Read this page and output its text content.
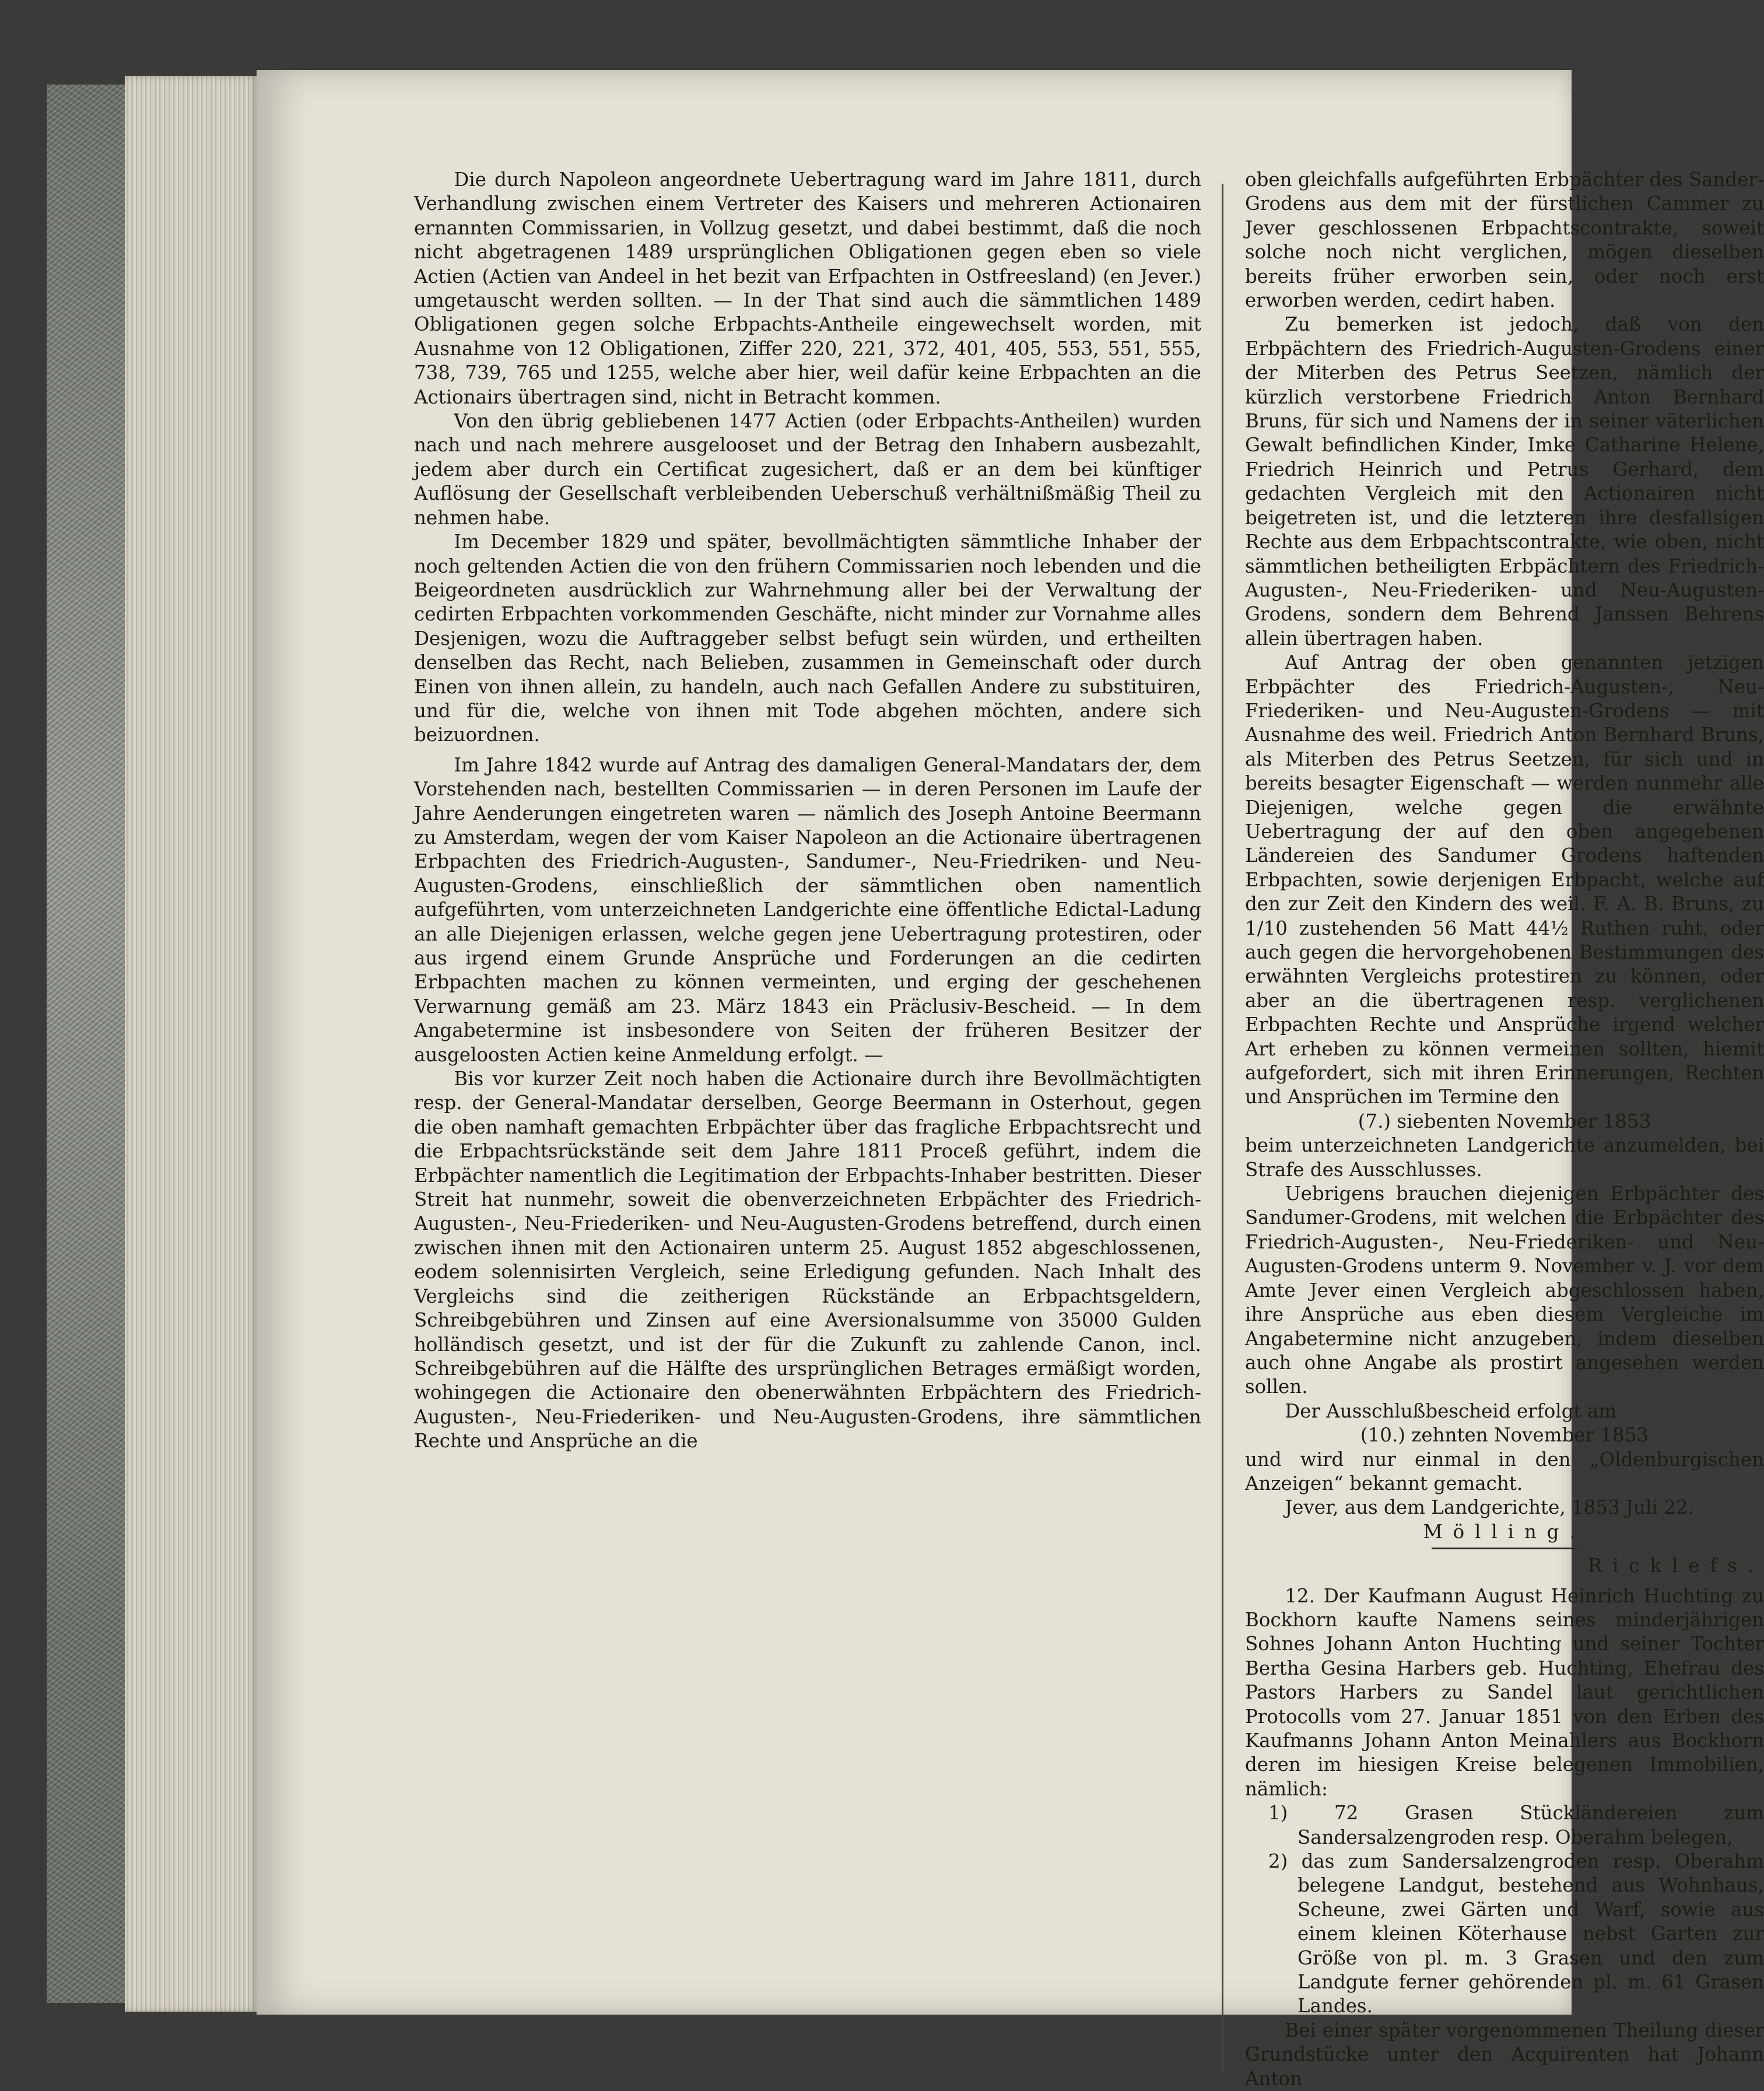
Die durch Napoleon angeordnete Uebertragung ward im Jahre 1811, durch Verhandlung zwischen einem Vertreter des Kaisers und mehreren Actionairen ernannten Commissarien, in Vollzug gesetzt, und dabei bestimmt, daß die noch nicht abgetragenen 1489 ursprünglichen Obligationen gegen eben so viele Actien (Actien van Andeel in het bezit van Erfpachten in Ostfreesland) (en Jever.) umgetauscht werden sollten. — In der That sind auch die sämmtlichen 1489 Obligationen gegen solche Erbpachts-Antheile eingewechselt worden, mit Ausnahme von 12 Obligationen, Ziffer 220, 221, 372, 401, 405, 553, 551, 555, 738, 739, 765 und 1255, welche aber hier, weil dafür keine Erbpachten an die Actionairs übertragen sind, nicht in Betracht kommen.

Von den übrig gebliebenen 1477 Actien (oder Erbpachts-Antheilen) wurden nach und nach mehrere ausgelooset und der Betrag den Inhabern ausbezahlt, jedem aber durch ein Certificat zugesichert, daß er an dem bei künftiger Auflösung der Gesellschaft verbleibenden Ueberschuß verhältnißmäßig Theil zu nehmen habe.

Im December 1829 und später, bevollmächtigten sämmtliche Inhaber der noch geltenden Actien die von den frühern Commissarien noch lebenden und die Beigeordneten ausdrücklich zur Wahrnehmung aller bei der Verwaltung der cedirten Erbpachten vorkommenden Geschäfte, nicht minder zur Vornahme alles Desjenigen, wozu die Auftraggeber selbst befugt sein würden, und ertheilten denselben das Recht, nach Belieben, zusammen in Gemeinschaft oder durch Einen von ihnen allein, zu handeln, auch nach Gefallen Andere zu substituiren, und für die, welche von ihnen mit Tode abgehen möchten, andere sich beizuordnen.

Im Jahre 1842 wurde auf Antrag des damaligen General-Mandatars der, dem Vorstehenden nach, bestellten Commissarien — in deren Personen im Laufe der Jahre Aenderungen eingetreten waren — nämlich des Joseph Antoine Beermann zu Amsterdam, wegen der vom Kaiser Napoleon an die Actionaire übertragenen Erbpachten des Friedrich-Augusten-, Sandumer-, Neu-Friedriken- und Neu-Augusten-Grodens, einschließlich der sämmtlichen oben namentlich aufgeführten, vom unterzeichneten Landgerichte eine öffentliche Edictal-Ladung an alle Diejenigen erlassen, welche gegen jene Uebertragung protestiren, oder aus irgend einem Grunde Ansprüche und Forderungen an die cedirten Erbpachten machen zu können vermeinten, und erging der geschehenen Verwarnung gemäß am 23. März 1843 ein Präclusiv-Bescheid. — In dem Angabetermine ist insbesondere von Seiten der früheren Besitzer der ausgeloosten Actien keine Anmeldung erfolgt. —

Bis vor kurzer Zeit noch haben die Actionaire durch ihre Bevollmächtigten resp. der General-Mandatar derselben, George Beermann in Osterhout, gegen die oben namhaft gemachten Erbpächter über das fragliche Erbpachtsrecht und die Erbpachtsrückstände seit dem Jahre 1811 Proceß geführt, indem die Erbpächter namentlich die Legitimation der Erbpachts-Inhaber bestritten. Dieser Streit hat nunmehr, soweit die obenverzeichneten Erbpächter des Friedrich-Augusten-, Neu-Friederiken- und Neu-Augusten-Grodens betreffend, durch einen zwischen ihnen mit den Actionairen unterm 25. August 1852 abgeschlossenen, eodem solennisirten Vergleich, seine Erledigung gefunden. Nach Inhalt des Vergleichs sind die zeitherigen Rückstände an Erbpachtsgeldern, Schreibgebühren und Zinsen auf eine Aversionalsumme von 35000 Gulden holländisch gesetzt, und ist der für die Zukunft zu zahlende Canon, incl. Schreibgebühren auf die Hälfte des ursprünglichen Betrages ermäßigt worden, wohingegen die Actionaire den obenerwähnten Erbpächtern des Friedrich-Augusten-, Neu-Friederiken- und Neu-Augusten-Grodens, ihre sämmtlichen Rechte und Ansprüche an die

oben gleichfalls aufgeführten Erbpächter des Sander-Grodens aus dem mit der fürstlichen Cammer zu Jever geschlossenen Erbpachtscontrakte, soweit solche noch nicht verglichen, mögen dieselben bereits früher erworben sein, oder noch erst erworben werden, cedirt haben.

Zu bemerken ist jedoch, daß von den Erbpächtern des Friedrich-Augusten-Grodens einer der Miterben des Petrus Seetzen, nämlich der kürzlich verstorbene Friedrich Anton Bernhard Bruns, für sich und Namens der in seiner väterlichen Gewalt befindlichen Kinder, Imke Catharine Helene, Friedrich Heinrich und Petrus Gerhard, dem gedachten Vergleich mit den Actionairen nicht beigetreten ist, und die letzteren ihre desfallsigen Rechte aus dem Erbpachtscontrakte, wie oben, nicht sämmtlichen betheiligten Erbpächtern des Friedrich-Augusten-, Neu-Friederiken- und Neu-Augusten-Grodens, sondern dem Behrend Janssen Behrens allein übertragen haben.

Auf Antrag der oben genannten jetzigen Erbpächter des Friedrich-Augusten-, Neu-Friederiken- und Neu-Augusten-Grodens — mit Ausnahme des weil. Friedrich Anton Bernhard Bruns, als Miterben des Petrus Seetzen, für sich und in bereits besagter Eigenschaft — werden nunmehr alle Diejenigen, welche gegen die erwähnte Uebertragung der auf den oben angegebenen Ländereien des Sandumer Grodens haftenden Erbpachten, sowie derjenigen Erbpacht, welche auf den zur Zeit den Kindern des weil. F. A. B. Bruns, zu 1/10 zustehenden 56 Matt 44½ Ruthen ruht, oder auch gegen die hervorgehobenen Bestimmungen des erwähnten Vergleichs protestiren zu können, oder aber an die übertragenen resp. verglichenen Erbpachten Rechte und Ansprüche irgend welcher Art erheben zu können vermeinen sollten, hiemit aufgefordert, sich mit ihren Erinnerungen, Rechten und Ansprüchen im Termine den

(7.) siebenten November 1853

beim unterzeichneten Landgerichte anzumelden, bei Strafe des Ausschlusses.

Uebrigens brauchen diejenigen Erbpächter des Sandumer-Grodens, mit welchen die Erbpächter des Friedrich-Augusten-, Neu-Friederiken- und Neu-Augusten-Grodens unterm 9. November v. J. vor dem Amte Jever einen Vergleich abgeschlossen haben, ihre Ansprüche aus eben diesem Vergleiche im Angabetermine nicht anzugeben, indem dieselben auch ohne Angabe als prostirt angesehen werden sollen.

Der Ausschlußbescheid erfolgt am

(10.) zehnten November 1853

und wird nur einmal in den „Oldenburgischen Anzeigen“ bekannt gemacht.

Jever, aus dem Landgerichte, 1853 Juli 22.

Mölling.

Ricklefs.

12. Der Kaufmann August Heinrich Huchting zu Bockhorn kaufte Namens seines minderjährigen Sohnes Johann Anton Huchting und seiner Tochter Bertha Gesina Harbers geb. Huchting, Ehefrau des Pastors Harbers zu Sandel laut gerichtlichen Protocolls vom 27. Januar 1851 von den Erben des Kaufmanns Johann Anton Meinahlers aus Bockhorn deren im hiesigen Kreise belegenen Immobilien, nämlich:

1) 72 Grasen Stückländereien zum Sandersalzengroden resp. Oberahm belegen,

2) das zum Sandersalzengroden resp. Oberahm belegene Landgut, bestehend aus Wohnhaus, Scheune, zwei Gärten und Warf, sowie aus einem kleinen Köterhause nebst Garten zur Größe von pl. m. 3 Grasen und den zum Landgute ferner gehörenden pl. m. 61 Grasen Landes.

Bei einer später vorgenommenen Theilung dieser Grundstücke unter den Acquirenten hat Johann Anton
